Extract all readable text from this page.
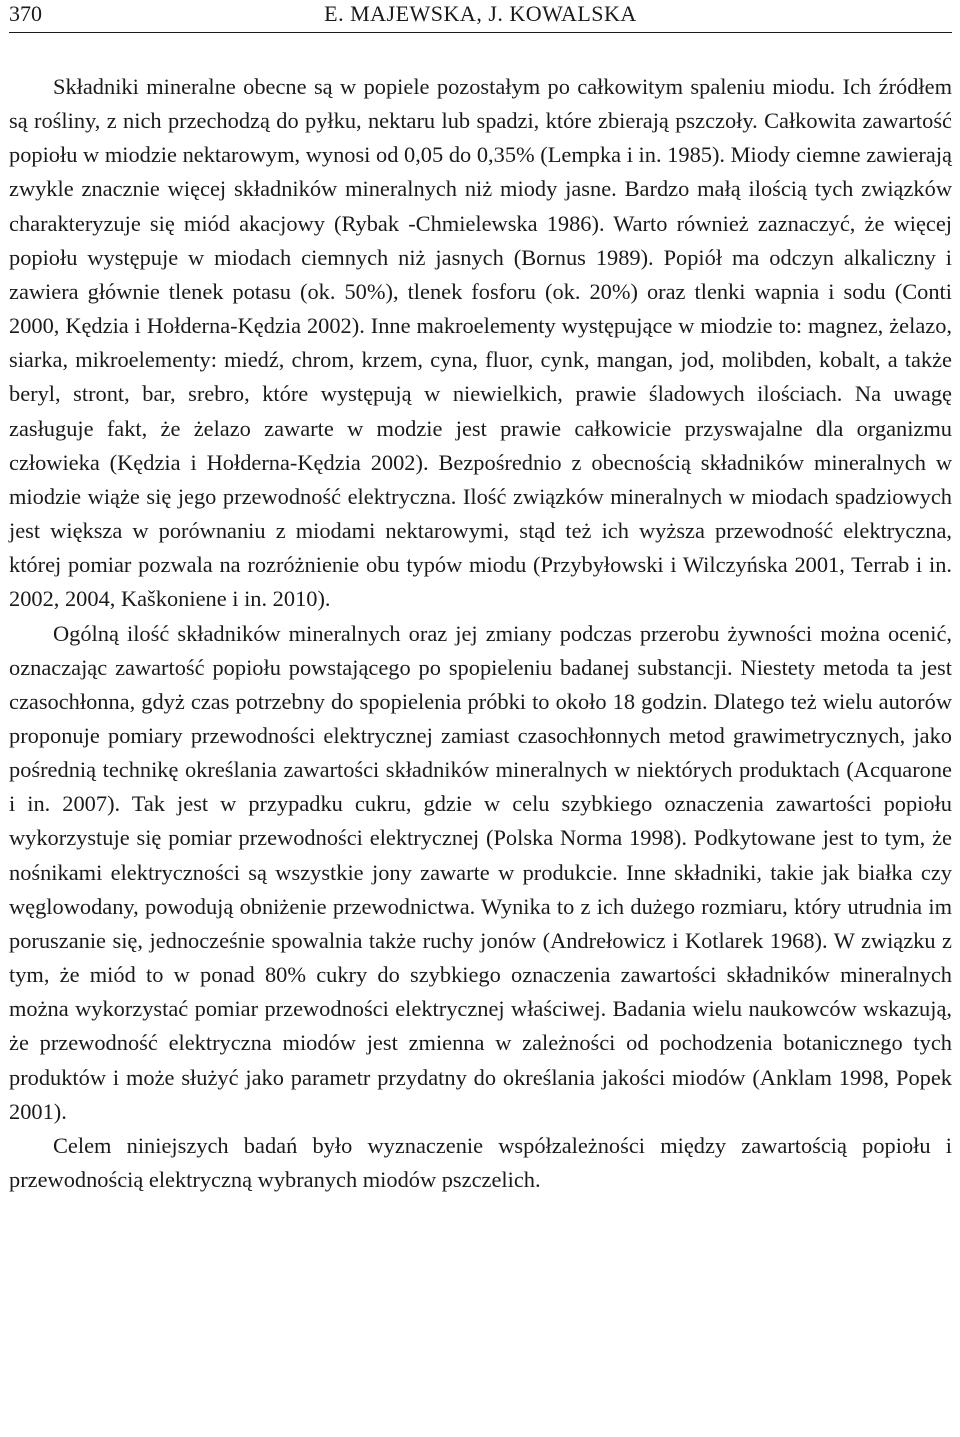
370	E. MAJEWSKA, J. KOWALSKA

Składniki mineralne obecne są w popiele pozostałym po całkowitym spaleniu miodu. Ich źródłem są rośliny, z nich przechodzą do pyłku, nektaru lub spadzi, które zbierają pszczoły. Całkowita zawartość popiołu w miodzie nektarowym, wynosi od 0,05 do 0,35% (Lempka i in. 1985). Miody ciemne zawierają zwykle znacznie więcej składników mineralnych niż miody jasne. Bardzo małą ilością tych związków charakteryzuje się miód akacjowy (Rybak -Chmielewska 1986). Warto również zaznaczyć, że więcej popiołu występuje w miodach ciemnych niż jasnych (Bornus 1989). Popiół ma odczyn alkaliczny i zawiera głównie tlenek potasu (ok. 50%), tlenek fosforu (ok. 20%) oraz tlenki wapnia i sodu (Conti 2000, Kędzia i Hołderna-Kędzia 2002). Inne makroelementy występujące w miodzie to: magnez, żelazo, siarka, mikroelementy: miedź, chrom, krzem, cyna, fluor, cynk, mangan, jod, molibden, kobalt, a także beryl, stront, bar, srebro, które występują w niewielkich, prawie śladowych ilościach. Na uwagę zasługuje fakt, że żelazo zawarte w modzie jest prawie całkowicie przyswajalne dla organizmu człowieka (Kędzia i Hołderna-Kędzia 2002). Bezpośrednio z obecnością składników mineralnych w miodzie wiąże się jego przewodność elektryczna. Ilość związków mineralnych w miodach spadziowych jest większa w porównaniu z miodami nektarowymi, stąd też ich wyższa przewodność elektryczna, której pomiar pozwala na rozróżnienie obu typów miodu (Przybyłowski i Wilczyńska 2001, Terrab i in. 2002, 2004, Kaškoniene i in. 2010).

Ogólną ilość składników mineralnych oraz jej zmiany podczas przerobu żywności można ocenić, oznaczając zawartość popiołu powstającego po spopieleniu badanej substancji. Niestety metoda ta jest czasochłonna, gdyż czas potrzebny do spopielenia próbki to około 18 godzin. Dlatego też wielu autorów proponuje pomiary przewodności elektrycznej zamiast czasochłonnych metod grawimetrycznych, jako pośrednią technikę określania zawartości składników mineralnych w niektórych produktach (Acquarone i in. 2007). Tak jest w przypadku cukru, gdzie w celu szybkiego oznaczenia zawartości popiołu wykorzystuje się pomiar przewodności elektrycznej (Polska Norma 1998). Podkytowane jest to tym, że nośnikami elektryczności są wszystkie jony zawarte w produkcie. Inne składniki, takie jak białka czy węglowodany, powodują obniżenie przewodnictwa. Wynika to z ich dużego rozmiaru, który utrudnia im poruszanie się, jednocześnie spowalnia także ruchy jonów (Andrełowicz i Kotlarek 1968). W związku z tym, że miód to w ponad 80% cukry do szybkiego oznaczenia zawartości składników mineralnych można wykorzystać pomiar przewodności elektrycznej właściwej. Badania wielu naukowców wskazują, że przewodność elektryczna miodów jest zmienna w zależności od pochodzenia botanicznego tych produktów i może służyć jako parametr przydatny do określania jakości miodów (Anklam 1998, Popek 2001).

Celem niniejszych badań było wyznaczenie współzależności między zawartością popiołu i przewodnością elektryczną wybranych miodów pszczelich.
